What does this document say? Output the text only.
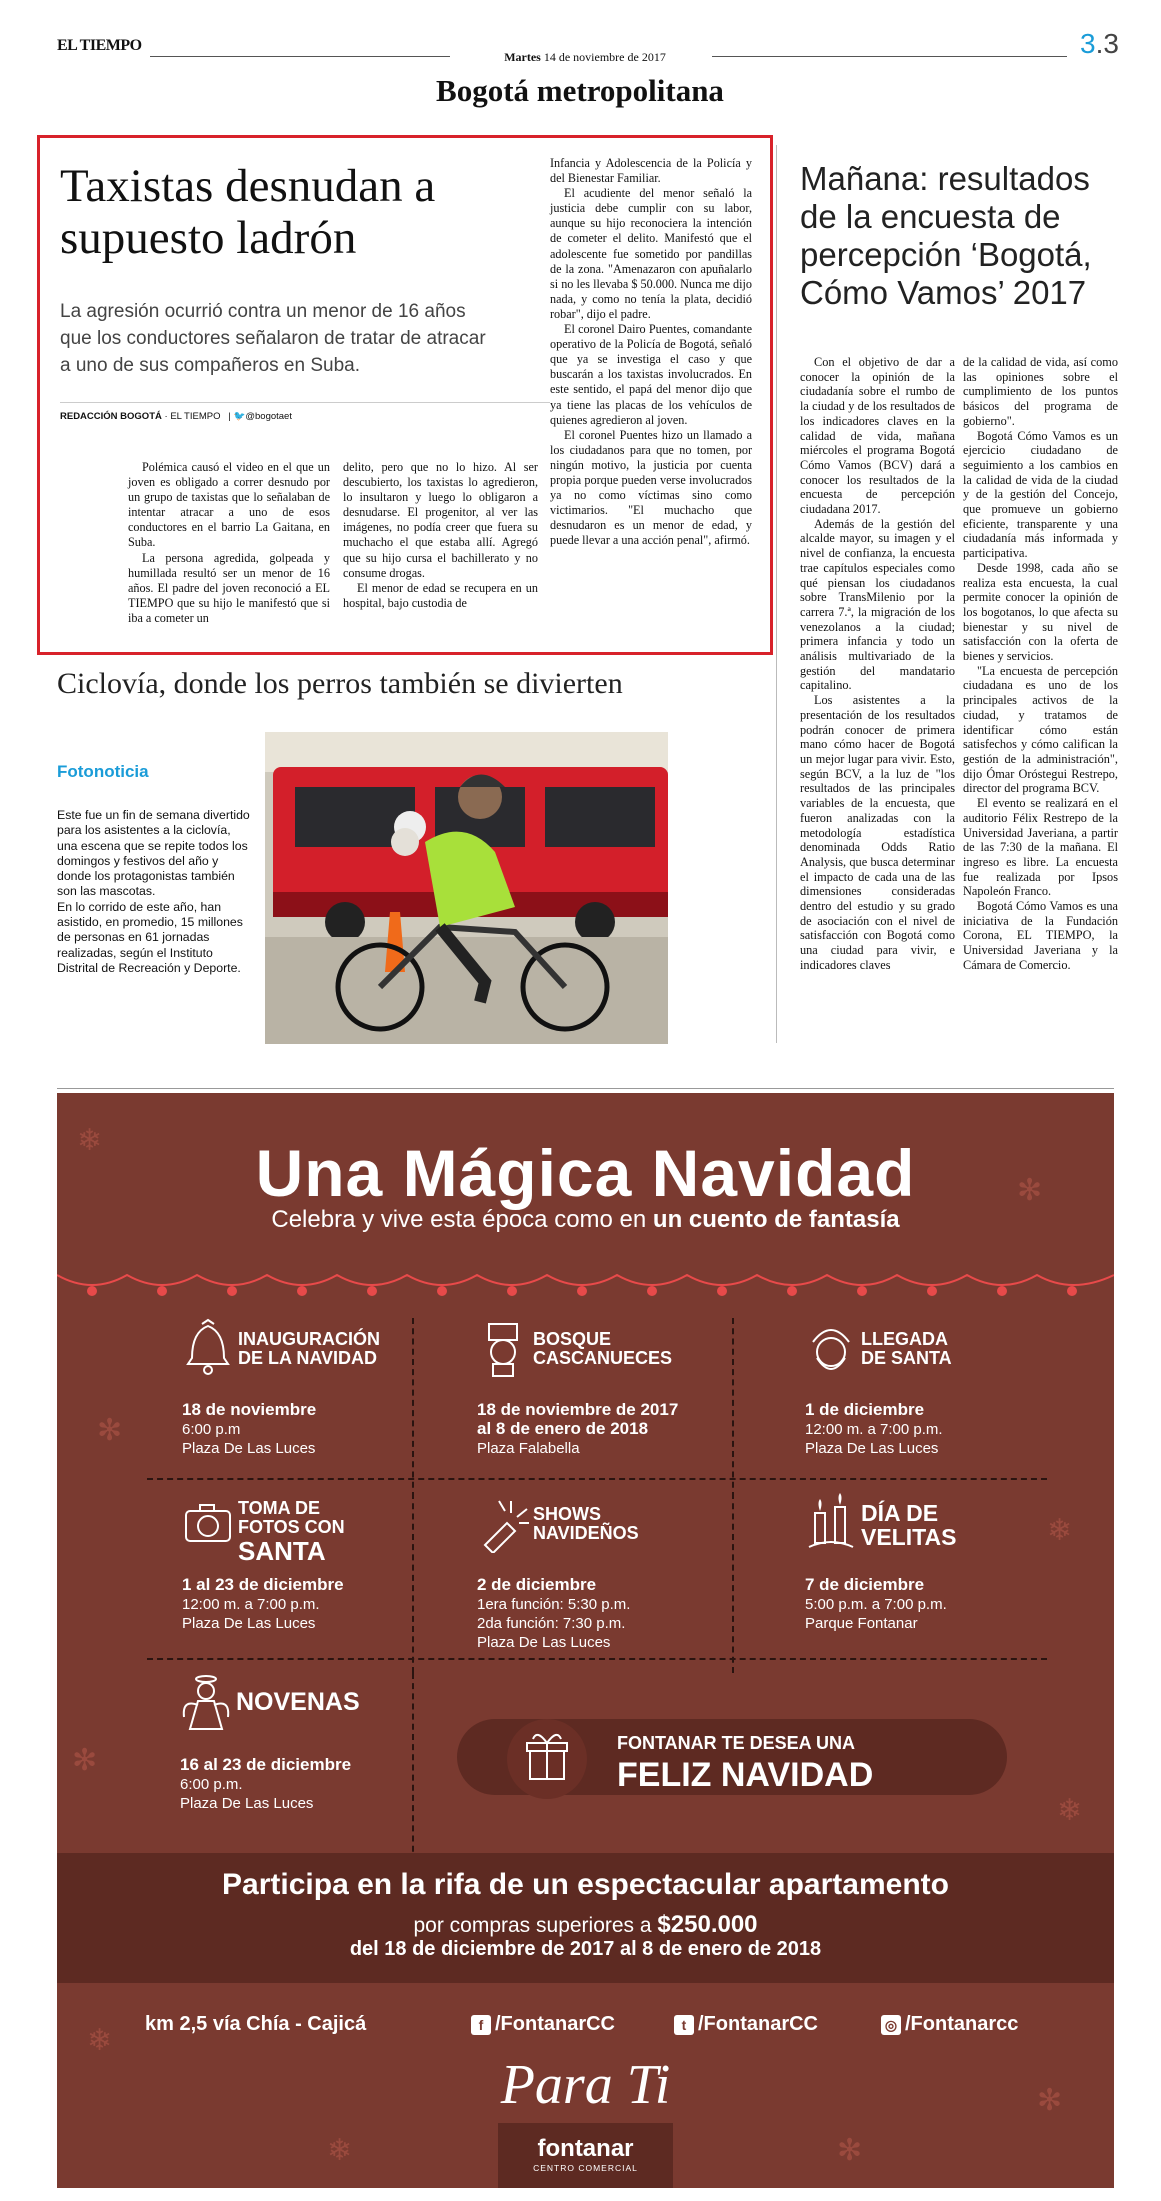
EL TIEMPO
Martes 14 de noviembre de 2017	3.3
Bogotá metropolitana
Taxistas desnudan a supuesto ladrón
La agresión ocurrió contra un menor de 16 años que los conductores señalaron de tratar de atracar a uno de sus compañeros en Suba.
REDACCIÓN BOGOTÁ · EL TIEMPO   | 🐦@bogotaet

Polémica causó el video en el que un joven es obligado a correr desnudo por un grupo de taxistas que lo señalaban de intentar atracar a uno de esos conductores en el barrio La Gaitana, en Suba.

La persona agredida, golpeada y humillada resultó ser un menor de 16 años. El padre del joven reconoció a EL TIEMPO que su hijo le manifestó que si iba a cometer un

delito, pero que no lo hizo. Al ser descubierto, los taxistas lo agredieron, lo insultaron y luego lo obligaron a desnudarse. El progenitor, al ver las imágenes, no podía creer que fuera su muchacho el que estaba allí. Agregó que su hijo cursa el bachillerato y no consume drogas.

El menor de edad se recupera en un hospital, bajo custodia de

Infancia y Adolescencia de la Policía y del Bienestar Familiar.

El acudiente del menor señaló la justicia debe cumplir con su labor, aunque su hijo reconociera la intención de cometer el delito. Manifestó que el adolescente fue sometido por pandillas de la zona. "Amenazaron con apuñalarlo si no les llevaba $ 50.000. Nunca me dijo nada, y como no tenía la plata, decidió robar", dijo el padre.

El coronel Dairo Puentes, comandante operativo de la Policía de Bogotá, señaló que ya se investiga el caso y que buscarán a los taxistas involucrados. En este sentido, el papá del menor dijo que ya tiene las placas de los vehículos de quienes agredieron al joven.

El coronel Puentes hizo un llamado a los ciudadanos para que no tomen, por ningún motivo, la justicia por cuenta propia porque pueden verse involucrados ya no como víctimas sino como victimarios. "El muchacho que desnudaron es un menor de edad, y puede llevar a una acción penal", afirmó.

Mañana: resultados de la encuesta de percepción ‘Bogotá, Cómo Vamos’ 2017

Con el objetivo de dar a conocer la opinión de la ciudadanía sobre el rumbo de la ciudad y de los resultados de los indicadores claves en la calidad de vida, mañana miércoles el programa Bogotá Cómo Vamos (BCV) dará a conocer los resultados de la encuesta de percepción ciudadana 2017.

Además de la gestión del alcalde mayor, su imagen y el nivel de confianza, la encuesta trae capítulos especiales como qué piensan los ciudadanos sobre TransMilenio por la carrera 7.ª, la migración de los venezolanos a la ciudad; primera infancia y todo un análisis multivariado de la gestión del mandatario capitalino.

Los asistentes a la presentación de los resultados podrán conocer de primera mano cómo hacer de Bogotá un mejor lugar para vivir. Esto, según BCV, a la luz de "los resultados de las principales variables de la encuesta, que fueron analizadas con la metodología estadística denominada Odds Ratio Analysis, que busca determinar el impacto de cada una de las dimensiones consideradas dentro del estudio y su grado de asociación con el nivel de satisfacción con Bogotá como una ciudad para vivir, e indicadores claves

de la calidad de vida, así como las opiniones sobre el cumplimiento de los puntos básicos del programa de gobierno".

Bogotá Cómo Vamos es un ejercicio ciudadano de seguimiento a los cambios en la calidad de vida de la ciudad y de la gestión del Concejo, que promueve un gobierno eficiente, transparente y una ciudadanía más informada y participativa.

Desde 1998, cada año se realiza esta encuesta, la cual permite conocer la opinión de los bogotanos, lo que afecta su bienestar y su nivel de satisfacción con la oferta de bienes y servicios.

"La encuesta de percepción ciudadana es uno de los principales activos de la ciudad, y tratamos de identificar cómo están satisfechos y cómo califican la gestión de la administración", dijo Ómar Oróstegui Restrepo, director del programa BCV.

El evento se realizará en el auditorio Félix Restrepo de la Universidad Javeriana, a partir de las 7:30 de la mañana. El ingreso es libre. La encuesta fue realizada por Ipsos Napoleón Franco.

Bogotá Cómo Vamos es una iniciativa de la Fundación Corona, EL TIEMPO, la Universidad Javeriana y la Cámara de Comercio.

Ciclovía, donde los perros también se divierten
Fotonoticia

Este fue un fin de semana divertido para los asistentes a la ciclovía, una escena que se repite todos los domingos y festivos del año y donde los protagonistas también son las mascotas.

En lo corrido de este año, han asistido, en promedio, 15 millones de personas en 61 jornadas realizadas, según el Instituto Distrital de Recreación y Deporte.

❄
✻
✻
❄
✻
❄
❄
✻
❄	✻
Una Mágica Navidad
Celebra y vive esta época como en un cuento de fantasía
INAUGURACIÓN
DE LA NAVIDAD
18 de noviembre
6:00 p.m
Plaza De Las Luces
BOSQUE
CASCANUECES
18 de noviembre de 2017
al 8 de enero de 2018
Plaza Falabella
LLEGADA
DE SANTA
1 de diciembre
12:00 m. a 7:00 p.m.
Plaza De Las Luces
TOMA DE
FOTOS CON
SANTA
1 al 23 de diciembre
12:00 m. a 7:00 p.m.
Plaza De Las Luces
SHOWS
NAVIDEÑOS
2 de diciembre
1era función: 5:30 p.m.
2da función: 7:30 p.m.
Plaza De Las Luces
DÍA DE
VELITAS
7 de diciembre
5:00 p.m. a 7:00 p.m.
Parque Fontanar
NOVENAS
16 al 23 de diciembre
6:00 p.m.
Plaza De Las Luces
FONTANAR TE DESEA UNA
FELIZ NAVIDAD
Participa en la rifa de un espectacular apartamento
por compras superiores a $250.000
del 18 de diciembre de 2017 al 8 de enero de 2018
km 2,5 vía Chía - Cajicá	f /FontanarCC	t /FontanarCC	◎ /Fontanarcc
Para Ti
fontanar
CENTRO COMERCIAL
